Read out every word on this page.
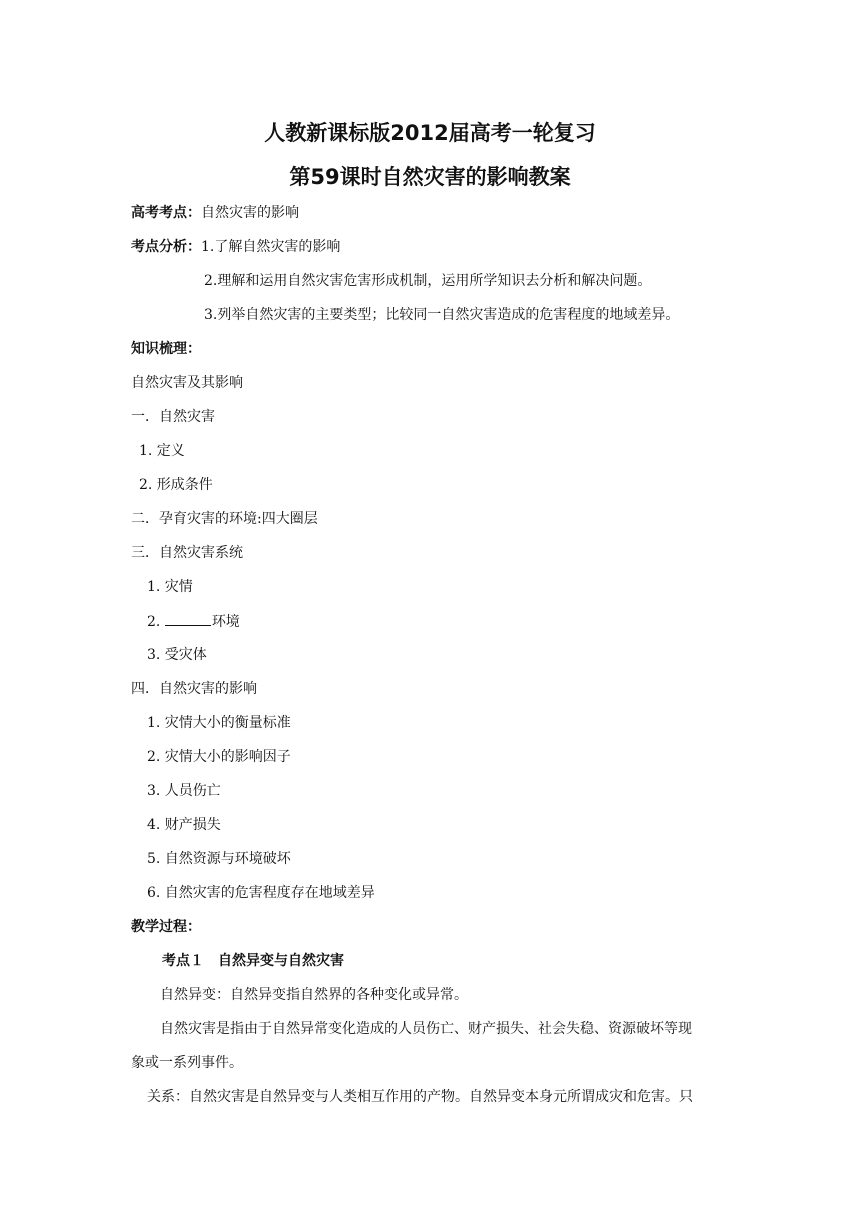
人教新课标版2012届高考一轮复习
第59课时自然灾害的影响教案
高考考点：自然灾害的影响
考点分析：1.了解自然灾害的影响
2.理解和运用自然灾害危害形成机制，运用所学知识去分析和解决问题。
3.列举自然灾害的主要类型；比较同一自然灾害造成的危害程度的地域差异。
知识梳理：
自然灾害及其影响
一．自然灾害
1. 定义
2. 形成条件
二．孕育灾害的环境:四大圈层
三．自然灾害系统
1. 灾情
2.	环境
3. 受灾体
四．自然灾害的影响
1. 灾情大小的衡量标准
2. 灾情大小的影响因子
3. 人员伤亡
4. 财产损失
5. 自然资源与环境破坏
6. 自然灾害的危害程度存在地域差异
教学过程：
考点１　自然异变与自然灾害
自然异变：自然异变指自然界的各种变化或异常。
自然灾害是指由于自然异常变化造成的人员伤亡、财产损失、社会失稳、资源破坏等现
象或一系列事件。
关系：自然灾害是自然异变与人类相互作用的产物。自然异变本身元所谓成灾和危害。只
